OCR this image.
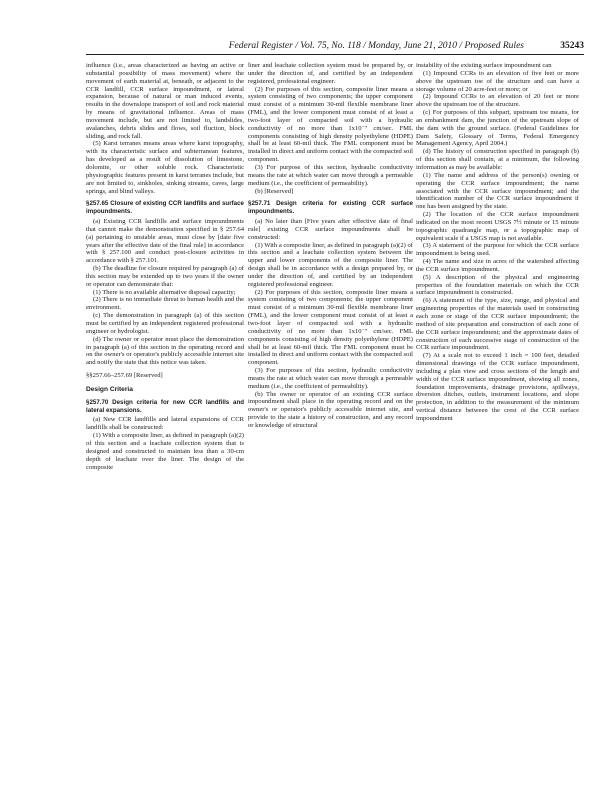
Federal Register / Vol. 75, No. 118 / Monday, June 21, 2010 / Proposed Rules	35243

influence (i.e., areas characterized as having an active or substantial possibility of mass movement) where the movement of earth material at, beneath, or adjacent to the CCR landfill, CCR surface impoundment, or lateral expansion, because of natural or man induced events, results in the downslope transport of soil and rock material by means of gravitational influence. Areas of mass movement include, but are not limited to, landslides, avalanches, debris slides and flows, soil fluction, block sliding, and rock fall.

(5) Karst terranes means areas where karst topography, with its characteristic surface and subterranean features, has developed as a result of dissolution of limestone, dolomite, or other soluble rock. Characteristic physiographic features present in karst terranes include, but are not limited to, sinkholes, sinking streams, caves, large springs, and blind valleys.

§257.65 Closure of existing CCR landfills and surface impoundments.

(a) Existing CCR landfills and surface impoundments that cannot make the demonstration specified in § 257.64 (a) pertaining to unstable areas, must close by [date five years after the effective date of the final rule] in accordance with § 257.100 and conduct post-closure activities in accordance with § 257.101.

(b) The deadline for closure required by paragraph (a) of this section may be extended up to two years if the owner or operator can demonstrate that:

(1) There is no available alternative disposal capacity;

(2) There is no immediate threat to human health and the environment.

(c) The demonstration in paragraph (a) of this section must be certified by an independent registered professional engineer or hydrologist.

(d) The owner or operator must place the demonstration in paragraph (a) of this section in the operating record and on the owner's or operator's publicly accessible internet site and notify the state that this notice was taken.

§§257.66–257.69 [Reserved]

Design Criteria

§257.70 Design criteria for new CCR landfills and lateral expansions.

(a) New CCR landfills and lateral expansions of CCR landfills shall be constructed:

(1) With a composite liner, as defined in paragraph (a)(2) of this section and a leachate collection system that is designed and constructed to maintain less than a 30-cm depth of leachate over the liner. The design of the composite

liner and leachate collection system must be prepared by, or under the direction of, and certified by an independent registered, professional engineer.

(2) For purposes of this section, composite liner means a system consisting of two components; the upper component must consist of a minimum 30-mil flexible membrane liner (FML), and the lower component must consist of at least a two-foot layer of compacted soil with a hydraulic conductivity of no more than 1x10⁻⁷ cm/sec. FML components consisting of high density polyethylene (HDPE) shall be at least 60-mil thick. The FML component must be installed in direct and uniform contact with the compacted soil component.

(3) For purpose of this section, hydraulic conductivity means the rate at which water can move through a permeable medium (i.e., the coefficient of permeability).

(b) [Reserved]

§257.71 Design criteria for existing CCR surface impoundments.

(a) No later than [Five years after effective date of final rule] existing CCR surface impoundments shall be constructed:

(1) With a composite liner, as defined in paragraph (a)(2) of this section and a leachate collection system between the upper and lower components of the composite liner. The design shall be in accordance with a design prepared by, or under the direction of, and certified by an independent registered professional engineer.

(2) For purposes of this section, composite liner means a system consisting of two components; the upper component must consist of a minimum 30-mil flexible membrane liner (FML), and the lower component must consist of at least a two-foot layer of compacted soil with a hydraulic conductivity of no more than 1x10⁻⁷ cm/sec. FML components consisting of high density polyethylene (HDPE) shall be at least 60-mil thick. The FML component must be installed in direct and uniform contact with the compacted soil component.

(3) For purposes of this section, hydraulic conductivity means the rate at which water can move through a permeable medium (i.e., the coefficient of permeability).

(b) The owner or operator of an existing CCR surface impoundment shall place in the operating record and on the owner's or operator's publicly accessible internet site, and provide to the state a history of construction, and any record or knowledge of structural

instability of the existing surface impoundment can

(1) Impound CCRs to an elevation of five feet or more above the upstream toe of the structure and can have a storage volume of 20 acre-feet or more; or

(2) Impound CCRs to an elevation of 20 feet or more above the upstream toe of the structure.

(c) For purposes of this subpart, upstream toe means, for an embankment dam, the junction of the upstream slope of the dam with the ground surface. (Federal Guidelines for Dam Safety, Glossary of Terms, Federal Emergency Management Agency, April 2004.)

(d) The history of construction specified in paragraph (b) of this section shall contain, at a minimum, the following information as may be available:

(1) The name and address of the person(s) owning or operating the CCR surface impoundment; the name associated with the CCR surface impoundment; and the identification number of the CCR surface impoundment if one has been assigned by the state.

(2) The location of the CCR surface impoundment indicated on the most recent USGS 7½ minute or 15 minute topographic quadrangle map, or a topographic map of equivalent scale if a USGS map is not available.

(3) A statement of the purpose for which the CCR surface impoundment is being used.

(4) The name and size in acres of the watershed affecting the CCR surface impoundment.

(5) A description of the physical and engineering properties of the foundation materials on which the CCR surface impoundment is constructed.

(6) A statement of the type, size, range, and physical and engineering properties of the materials used in constructing each zone or stage of the CCR surface impoundment; the method of site preparation and construction of each zone of the CCR surface impoundment; and the approximate dates of construction of each successive stage of construction of the CCR surface impoundment.

(7) At a scale not to exceed 1 inch = 100 feet, detailed dimensional drawings of the CCR surface impoundment, including a plan view and cross sections of the length and width of the CCR surface impoundment, showing all zones, foundation improvements, drainage provisions, spillways, diversion ditches, outlets, instrument locations, and slope protection, in addition to the measurement of the minimum vertical distance between the crest of the CCR surface impoundment
